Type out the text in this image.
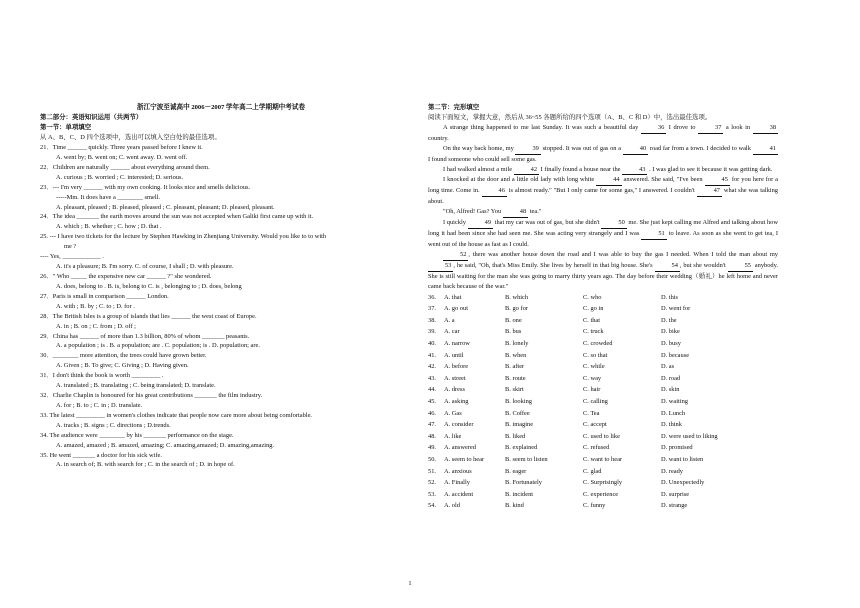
浙江宁波至诚高中 2006－2007 学年高二上学期期中考试卷
第二部分：英语知识运用（共两节）
第一节：单项填空
从 A、B、C、D 四个选项中，选出可以填入空白处的最佳选项。
21．Time ______ quickly. Three years passed before I knew it.
A. went by; B. went on; C. went away. D. went off.
22．Children are naturally ______ about everything around them.
A. curious ; B. worried ; C. interested; D. serious.
23．--- I'm very ______ with my own cooking. It looks nice and smells delicious.
-----Mm. It does have a ________ smell.
A. pleasant, pleased ; B. pleased, pleased ; C. pleasant, pleasant; D. pleased, pleasant.
24．The idea _______ the earth moves around the sun was not accepted when Galiki first came up with it.
A. which ; B. whether ; C. how ; D. that .
25. --- I have two tickets for the lecture by Stephen Hawking in Zhenjiang University. Would you like to to with
me ?
---- Yes, ____________ .
A. it's a pleasure; B. I'm sorry. C. of course, I shall ; D. with pleasure.
26．" Who _____ the expensive new car ______ ?" she wondered.
A. does, belong to . B. is, belong to C. is , belonging to ; D. does, belong
27．Paris is small in comparison ______ London.
A. with ; B. by ; C. to ; D. for .
28．The British Isles is a group of islands that lies ______ the west coast of Europe.
A. in ; B. on ; C. from ; D. off ;
29．China has ______ of more than 1.3 billion, 80% of whom _______ peasants.
A. a population ; is . B. a population; are . C. population; is . D. population; are.
30．________ more attention, the trees could have grown better.
A. Given ; B. To give; C. Giving ; D. Having given.
31．I don't think the book is worth _________ .
A. translated ; B. translating ; C. being translated; D. translate.
32．Charlie Chaplin is honoured for his great contributions _______ the film industry.
A. for ; B. to ; C. in ; D. translate.
33. The latest _________ in women's clothes indicate that people now care more about being comfortable.
A. tracks ; B. signs ; C. directions ; D.trends.
34. The audience were ________ by his _______ performance on the stage.
A. amazed, amazed ; B. amazed, amazing; C. amazing,amazed; D. amazing,amazing.
35. He went _______ a doctor for his sick wife.
A. in search of; B. with search for ; C. in the search of ; D. in hope of.
第二节：完形填空
阅读下面短文，掌握大意，然后从 36~55 各题所给的四个选项（A、B、C 和 D）中，选出最佳选项。
A strange thing happened to me last Sunday. It was such a beautiful day	36 I drove to	37 a look in	38 country.
On the way back home, my	39 stopped. It was out of gas on a	40 road far from a town. I decided to walk	41 I found someone who could sell some gas.
I had walked almost a mile	42 I finally found a house near the	43 . I was glad to see it because it was getting dark.
I knocked at the door and a little old lady with long white	44 answered. She said, "I've been	45 for you here for a long time. Come in.	46 is almost ready." "But I only came for some gas," I answered. I couldn't	47 what she was talking about.
"Oh, Alfred! Gas? You	48 tea."
I quickly	49 that my car was out of gas, but she didn't	50 me. She just kept calling me Alfred and talking about how long it had been since she had seen me. She was acting very strangely and I was	51 to leave. As soon as she went to get tea, I went out of the house as fast as I could.
52 , there was another house down the road and I was able to buy the gas I needed. When I told the man about my 53 , he said, "Oh, that's Miss Emily. She lives by herself in that big house. She's	54 , but she wouldn't	55 anybody. She is still waiting for the man she was going to marry thirty years ago. The day before their wedding（婚礼）he left home and never came back because of the war."
36.	A. that	B. which	C. who	D. this
37.	A. go out	B. go for	C. go in	D. went for
38.	A. a	B. one	C. that	D. the
39.	A. car	B. bus	C. truck	D. bike
40.	A. narrow	B. lonely	C. crowded	D. busy
41.	A. until	B. when	C. so that	D. because
42.	A. before	B. after	C. while	D. as
43.	A. street	B. route	C. way	D. road
44.	A. dress	B. skirt	C. hair	D. skin
45.	A. asking	B. looking	C. calling	D. waiting
46.	A. Gas	B. Coffee	C. Tea	D. Lunch
47.	A. consider	B. imagine	C. accept	D. think
48.	A. like	B. liked	C. used to like	D. were used to liking
49.	A. answered	B. explained	C. refused	D. promised
50.	A. seem to hear	B. seem to listen	C. want to hear	D. want to listen
51.	A. anxious	B. eager	C. glad	D. ready
52.	A. Finally	B. Fortunately	C. Surprisingly	D. Unexpectedly
53.	A. accident	B. incident	C. experience	D. surprise
54.	A. old	B. kind	C. funny	D. strange
1
